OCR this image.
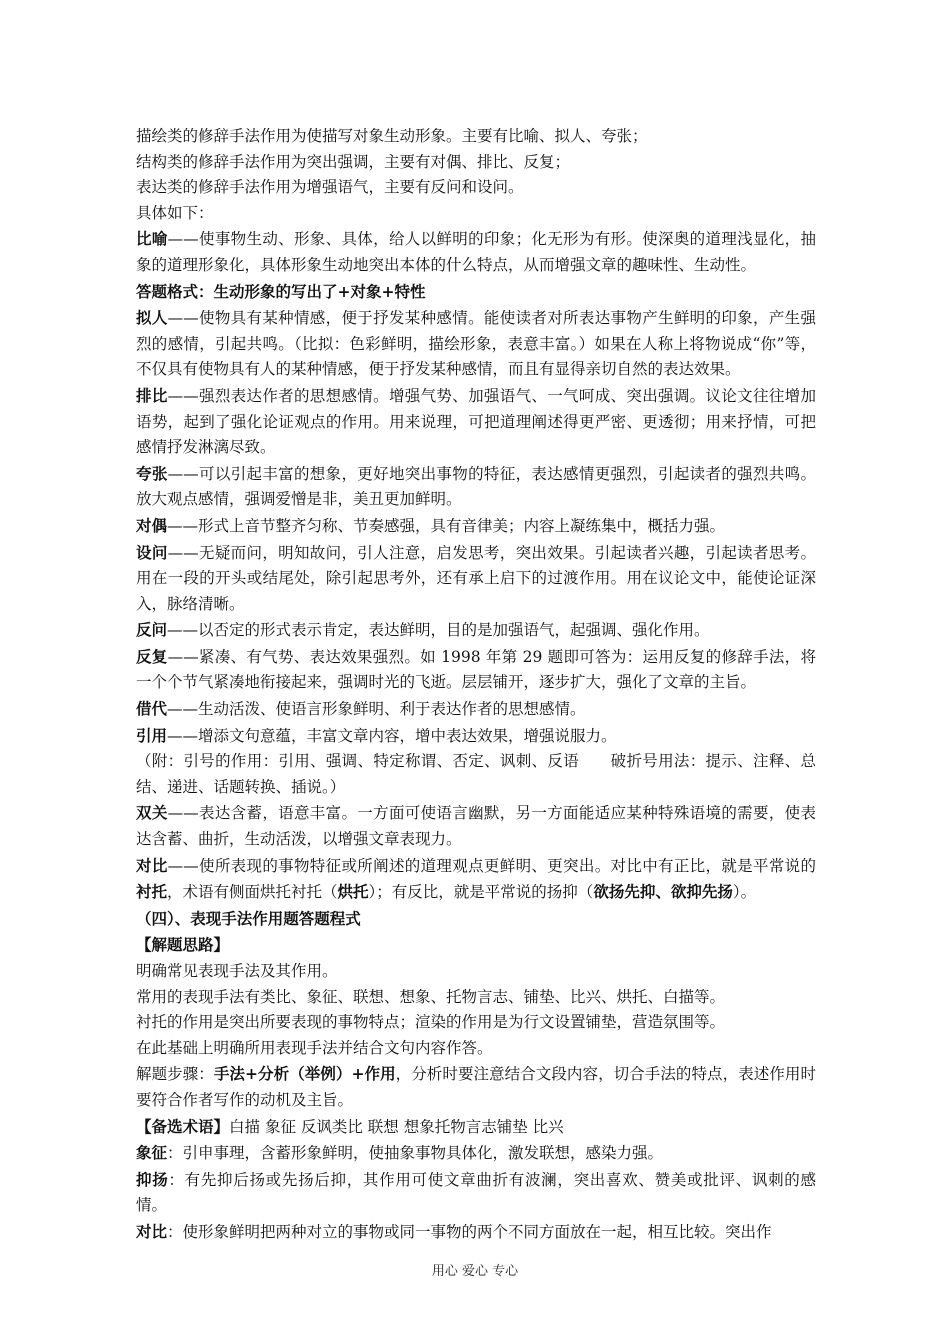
描绘类的修辞手法作用为使描写对象生动形象。主要有比喻、拟人、夸张；

结构类的修辞手法作用为突出强调，主要有对偶、排比、反复；

表达类的修辞手法作用为增强语气，主要有反问和设问。

具体如下：

比喻——使事物生动、形象、具体，给人以鲜明的印象；化无形为有形。使深奥的道理浅显化，抽象的道理形象化，具体形象生动地突出本体的什么特点，从而增强文章的趣味性、生动性。

答题格式：生动形象的写出了+对象+特性

拟人——使物具有某种情感，便于抒发某种感情。能使读者对所表达事物产生鲜明的印象，产生强烈的感情，引起共鸣。（比拟：色彩鲜明，描绘形象，表意丰富。）如果在人称上将物说成“你”等，不仅具有使物具有人的某种情感，便于抒发某种感情，而且有显得亲切自然的表达效果。

排比——强烈表达作者的思想感情。增强气势、加强语气、一气呵成、突出强调。议论文往往增加语势，起到了强化论证观点的作用。用来说理，可把道理阐述得更严密、更透彻；用来抒情，可把感情抒发淋漓尽致。

夸张——可以引起丰富的想象，更好地突出事物的特征，表达感情更强烈，引起读者的强烈共鸣。放大观点感情，强调爱憎是非，美丑更加鲜明。

对偶——形式上音节整齐匀称、节奏感强，具有音律美；内容上凝练集中，概括力强。

设问——无疑而问，明知故问，引人注意，启发思考，突出效果。引起读者兴趣，引起读者思考。用在一段的开头或结尾处，除引起思考外，还有承上启下的过渡作用。用在议论文中，能使论证深入，脉络清晰。

反问——以否定的形式表示肯定，表达鲜明，目的是加强语气，起强调、强化作用。

反复——紧凑、有气势、表达效果强烈。如 1998 年第 29 题即可答为：运用反复的修辞手法，将一个个节气紧凑地衔接起来，强调时光的飞逝。层层铺开，逐步扩大，强化了文章的主旨。

借代——生动活泼、使语言形象鲜明、利于表达作者的思想感情。

引用——增添文句意蕴，丰富文章内容，增中表达效果，增强说服力。

（附：引号的作用：引用、强调、特定称谓、否定、讽刺、反语　　破折号用法：提示、注释、总结、递进、话题转换、插说。）

双关——表达含蓄，语意丰富。一方面可使语言幽默，另一方面能适应某种特殊语境的需要，使表达含蓄、曲折，生动活泼，以增强文章表现力。

对比——使所表现的事物特征或所阐述的道理观点更鲜明、更突出。对比中有正比，就是平常说的衬托，术语有侧面烘托衬托（烘托）；有反比，就是平常说的扬抑（欲扬先抑、欲抑先扬）。

（四）、表现手法作用题答题程式

【解题思路】

明确常见表现手法及其作用。

常用的表现手法有类比、象征、联想、想象、托物言志、铺垫、比兴、烘托、白描等。

衬托的作用是突出所要表现的事物特点；渲染的作用是为行文设置铺垫，营造氛围等。

在此基础上明确所用表现手法并结合文句内容作答。

解题步骤：手法+分析（举例）+作用，分析时要注意结合文段内容，切合手法的特点，表述作用时要符合作者写作的动机及主旨。

【备选术语】白描 象征 反讽类比 联想 想象托物言志铺垫 比兴

象征：引申事理，含蓄形象鲜明，使抽象事物具体化，激发联想，感染力强。

抑扬：有先抑后扬或先扬后抑，其作用可使文章曲折有波澜，突出喜欢、赞美或批评、讽刺的感情。

对比：使形象鲜明把两种对立的事物或同一事物的两个不同方面放在一起，相互比较。突出作

用心 爱心 专心
